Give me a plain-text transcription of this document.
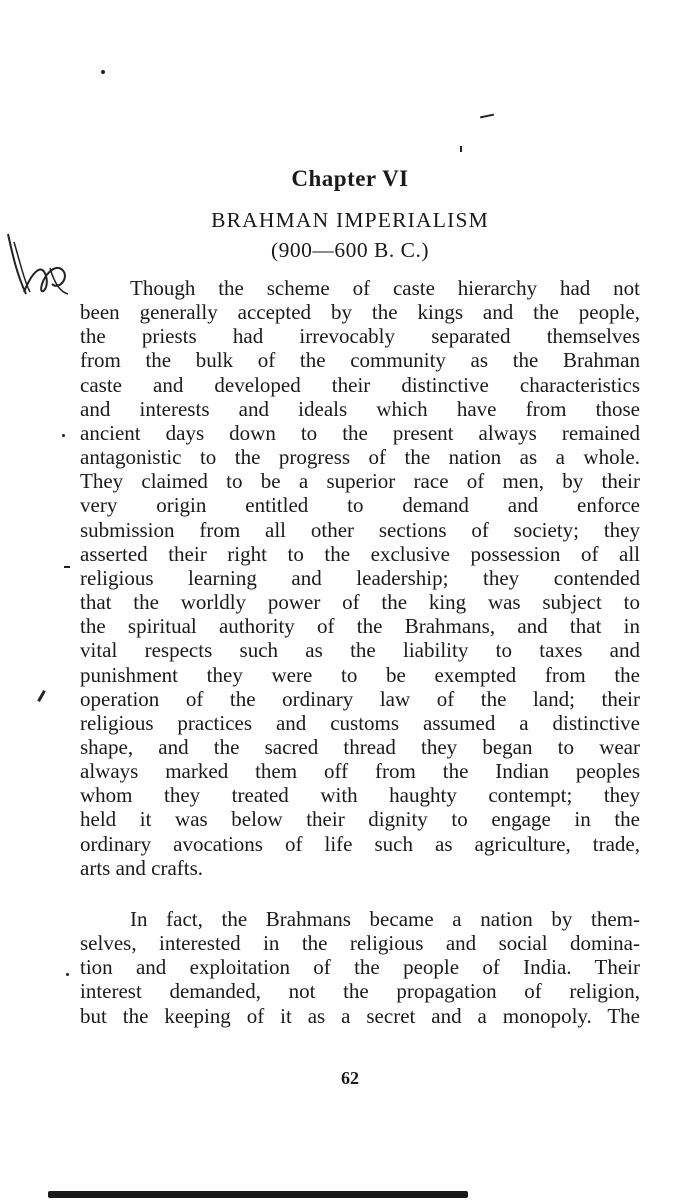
Chapter VI
BRAHMAN IMPERIALISM
(900—600 B. C.)
Though the scheme of caste hierarchy had not
been generally accepted by the kings and the people,
the priests had irrevocably separated themselves
from the bulk of the community as the Brahman
caste and developed their distinctive characteristics
and interests and ideals which have from those
ancient days down to the present always remained
antagonistic to the progress of the nation as a whole.
They claimed to be a superior race of men, by their
very origin entitled to demand and enforce
submission from all other sections of society; they
asserted their right to the exclusive possession of all
religious learning and leadership; they contended
that the worldly power of the king was subject to
the spiritual authority of the Brahmans, and that in
vital respects such as the liability to taxes and
punishment they were to be exempted from the
operation of the ordinary law of the land; their
religious practices and customs assumed a distinctive
shape, and the sacred thread they began to wear
always marked them off from the Indian peoples
whom they treated with haughty contempt; they
held it was below their dignity to engage in the
ordinary avocations of life such as agriculture, trade,
arts and crafts.
In fact, the Brahmans became a nation by them-
selves, interested in the religious and social domina-
tion and exploitation of the people of India. Their
interest demanded, not the propagation of religion,
but the keeping of it as a secret and a monopoly. The
62
